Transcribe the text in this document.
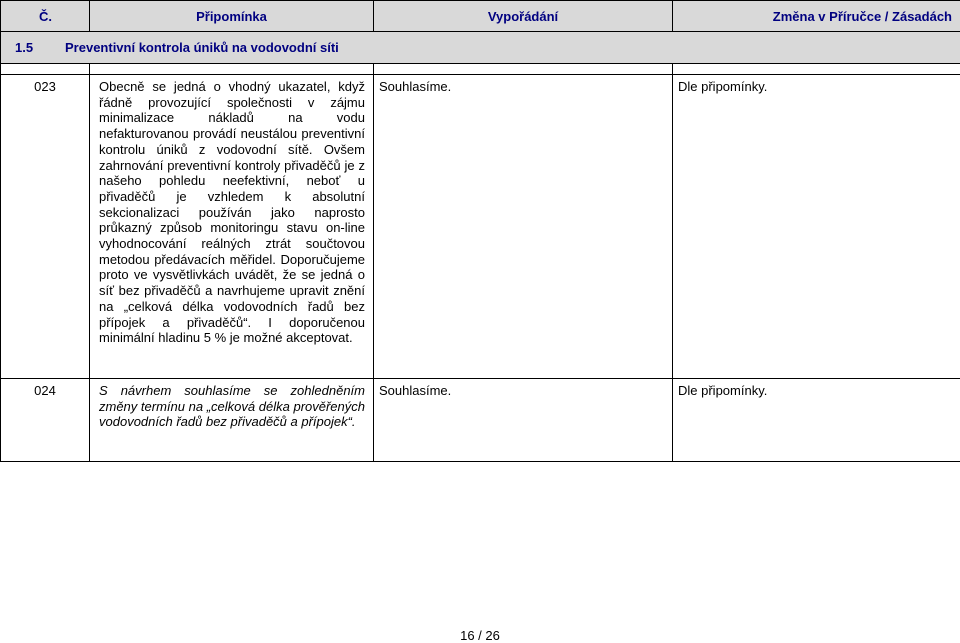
Č.	Připomínka	Vypořádání	Změna v Příručce / Zásadách
1.5 Preventivní kontrola úniků na vodovodní síti			

023	Obecně se jedná o vhodný ukazatel, když řádně provozující společnosti v zájmu minimalizace nákladů na vodu nefakturovanou provádí neustálou preventivní kontrolu úniků z vodovodní sítě. Ovšem zahrnování preventivní kontroly přivaděčů je z našeho pohledu neefektivní, neboť u přivaděčů je vzhledem k absolutní sekcionalizaci používán jako naprosto průkazný způsob monitoringu stavu on-line vyhodnocování reálných ztrát součtovou metodou předávacích měřidel. Doporučujeme proto ve vysvětlivkách uvádět, že se jedná o síť bez přivaděčů a navrhujeme upravit znění na „celková délka vodovodních řadů bez přípojek a přivaděčů“. I doporučenou minimální hladinu 5 % je možné akceptovat.	Souhlasíme.	Dle připomínky.
024	S návrhem souhlasíme se zohledněním změny termínu na „celková délka prověřených vodovodních řadů bez přivaděčů a přípojek“.	Souhlasíme.	Dle připomínky.
16 / 26
